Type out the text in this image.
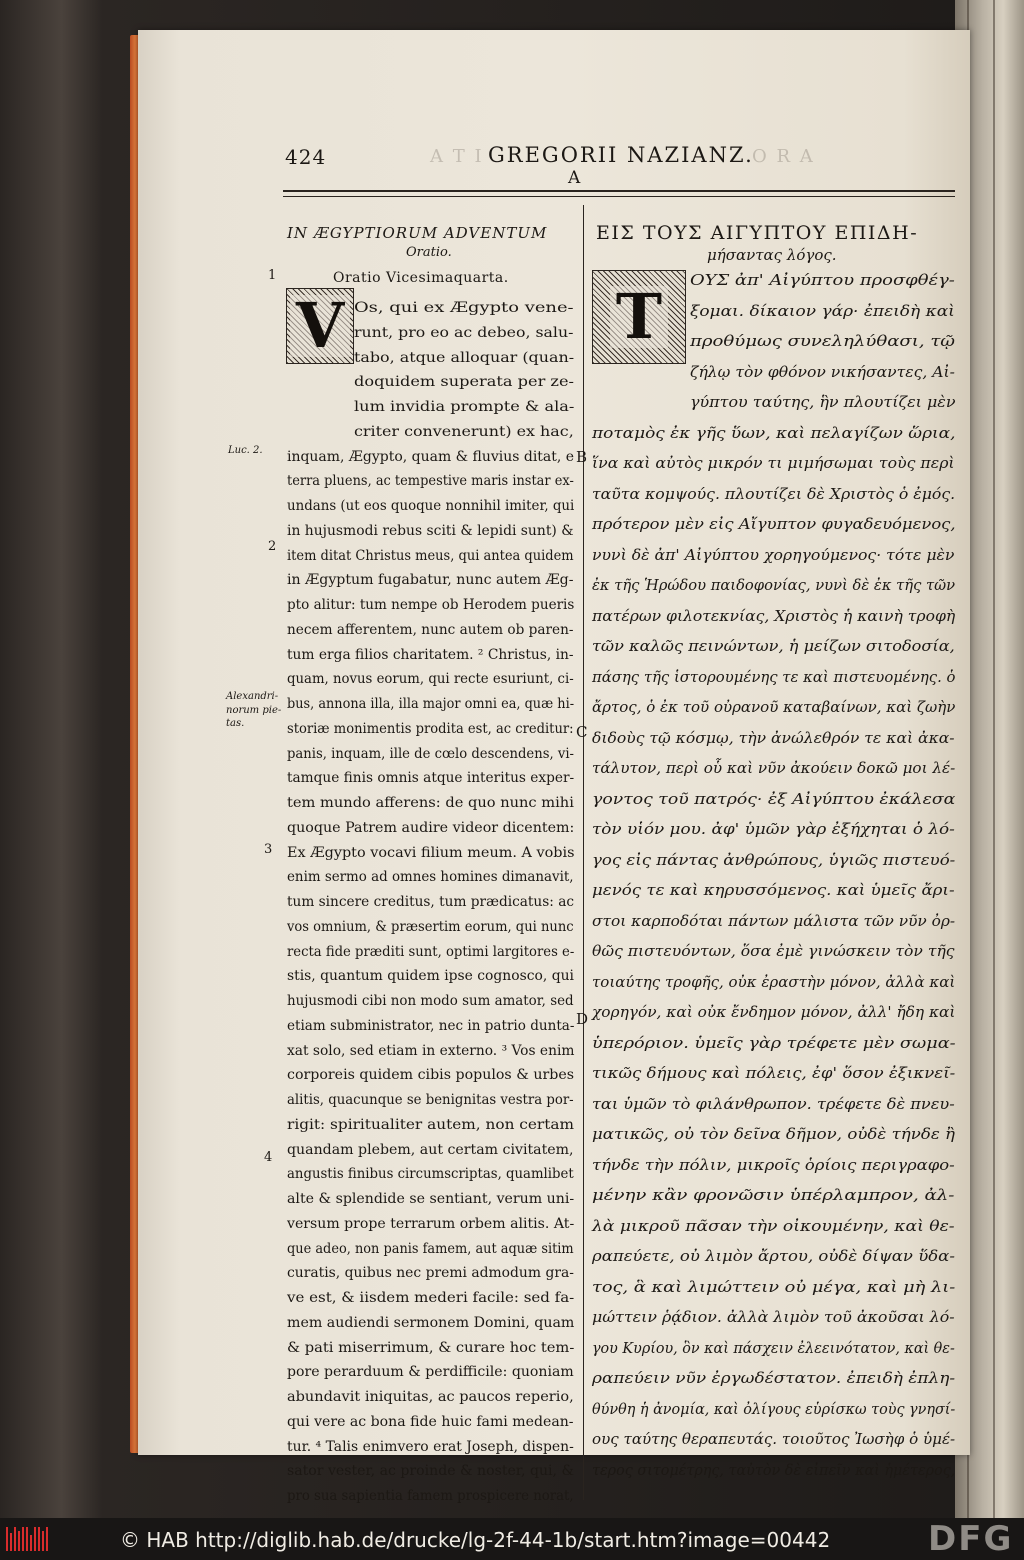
A T I	O R A
424	GREGORII NAZIANZ.
A
IN ÆGYPTIORUM ADVENTUM
Oratio.
Oratio Vicesimaquarta.
ΕΙΣ ΤΟΥΣ ΑΙΓΥΠΤΟΥ ΕΠΙΔΗ-
μήσαντας λόγος.
V	Τ
Os, qui ex Ægypto vene-
runt, pro eo ac debeo, salu-
tabo, atque alloquar (quan-
doquidem superata per ze-
lum invidia prompte & ala-
criter convenerunt) ex hac,
inquam, Ægypto, quam & fluvius ditat, e
terra pluens, ac tempestive maris instar ex-
undans (ut eos quoque nonnihil imiter, qui
in hujusmodi rebus sciti & lepidi sunt) &
item ditat Christus meus, qui antea quidem
in Ægyptum fugabatur, nunc autem Æg-
pto alitur: tum nempe ob Herodem pueris
necem afferentem, nunc autem ob paren-
tum erga filios charitatem. ² Christus, in-
quam, novus eorum, qui recte esuriunt, ci-
bus, annona illa, illa major omni ea, quæ hi-
storiæ monimentis prodita est, ac creditur:
panis, inquam, ille de cœlo descendens, vi-
tamque finis omnis atque interitus exper-
tem mundo afferens: de quo nunc mihi
quoque Patrem audire videor dicentem:
Ex Ægypto vocavi filium meum. A vobis
enim sermo ad omnes homines dimanavit,
tum sincere creditus, tum prædicatus: ac
vos omnium, & præsertim eorum, qui nunc
recta fide præditi sunt, optimi largitores e-
stis, quantum quidem ipse cognosco, qui
hujusmodi cibi non modo sum amator, sed
etiam subministrator, nec in patrio dunta-
xat solo, sed etiam in externo. ³ Vos enim
corporeis quidem cibis populos & urbes
alitis, quacunque se benignitas vestra por-
rigit: spiritualiter autem, non certam
quandam plebem, aut certam civitatem,
angustis finibus circumscriptas, quamlibet
alte & splendide se sentiant, verum uni-
versum prope terrarum orbem alitis. At-
que adeo, non panis famem, aut aquæ sitim
curatis, quibus nec premi admodum gra-
ve est, & iisdem mederi facile: sed fa-
mem audiendi sermonem Domini, quam
& pati miserrimum, & curare hoc tem-
pore perarduum & perdifficile: quoniam
abundavit iniquitas, ac paucos reperio,
qui vere ac bona fide huic fami medean-
tur. ⁴ Talis enimvero erat Joseph, dispen-
sator vester, ac proinde & noster, qui, &
pro sua sapientia famem prospicere norat,
ΟΥΣ ἀπ' Αἰγύπτου προσφθέγ-
ξομαι. δίκαιον γάρ· ἐπειδὴ καὶ
προθύμως συνεληλύθασι, τῷ
ζήλῳ τὸν φθόνον νικήσαντες, Αἰ-
γύπτου ταύτης, ἣν πλουτίζει μὲν
ποταμὸς ἐκ γῆς ὕων, καὶ πελαγίζων ὥρια,
ἵνα καὶ αὐτὸς μικρόν τι μιμήσωμαι τοὺς περὶ
ταῦτα κομψούς. πλουτίζει δὲ Χριστὸς ὁ ἐμός.
πρότερον μὲν εἰς Αἴγυπτον φυγαδευόμενος,
νυνὶ δὲ ἀπ' Αἰγύπτου χορηγούμενος· τότε μὲν
ἐκ τῆς Ἡρώδου παιδοφονίας, νυνὶ δὲ ἐκ τῆς τῶν
πατέρων φιλοτεκνίας, Χριστὸς ἡ καινὴ τροφὴ
τῶν καλῶς πεινώντων, ἡ μείζων σιτοδοσία,
πάσης τῆς ἱστορουμένης τε καὶ πιστευομένης. ὁ
ἄρτος, ὁ ἐκ τοῦ οὐρανοῦ καταβαίνων, καὶ ζωὴν
διδοὺς τῷ κόσμῳ, τὴν ἀνώλεθρόν τε καὶ ἀκα-
τάλυτον, περὶ οὗ καὶ νῦν ἀκούειν δοκῶ μοι λέ-
γοντος τοῦ πατρός· ἐξ Αἰγύπτου ἐκάλεσα
τὸν υἱόν μου. ἀφ' ὑμῶν γὰρ ἐξήχηται ὁ λό-
γος εἰς πάντας ἀνθρώπους, ὑγιῶς πιστευό-
μενός τε καὶ κηρυσσόμενος. καὶ ὑμεῖς ἄρι-
στοι καρποδόται πάντων μάλιστα τῶν νῦν ὀρ-
θῶς πιστευόντων, ὅσα ἐμὲ γινώσκειν τὸν τῆς
τοιαύτης τροφῆς, οὐκ ἐραστὴν μόνον, ἀλλὰ καὶ
χορηγόν, καὶ οὐκ ἔνδημον μόνον, ἀλλ' ἤδη καὶ
ὑπερόριον. ὑμεῖς γὰρ τρέφετε μὲν σωμα-
τικῶς δήμους καὶ πόλεις, ἐφ' ὅσον ἐξικνεῖ-
ται ὑμῶν τὸ φιλάνθρωπον. τρέφετε δὲ πνευ-
ματικῶς, οὐ τὸν δεῖνα δῆμον, οὐδὲ τήνδε ἢ
τήνδε τὴν πόλιν, μικροῖς ὁρίοις περιγραφο-
μένην κἂν φρονῶσιν ὑπέρλαμπρον, ἀλ-
λὰ μικροῦ πᾶσαν τὴν οἰκουμένην, καὶ θε-
ραπεύετε, οὐ λιμὸν ἄρτου, οὐδὲ δίψαν ὕδα-
τος, ἃ καὶ λιμώττειν οὐ μέγα, καὶ μὴ λι-
μώττειν ῥᾴδιον. ἀλλὰ λιμὸν τοῦ ἀκοῦσαι λό-
γου Κυρίου, ὃν καὶ πάσχειν ἐλεεινότατον, καὶ θε-
ραπεύειν νῦν ἐργωδέστατον. ἐπειδὴ ἐπλη-
θύνθη ἡ ἀνομία, καὶ ὀλίγους εὑρίσκω τοὺς γνησί-
ους ταύτης θεραπευτάς. τοιοῦτος Ἰωσὴφ ὁ ὑμέ-
τερος σιτομέτρης, ταὐτὸν δὲ εἰπεῖν καὶ ἡμέτερος,
1
2
3
4
Luc. 2.
Alexandri-norum pie-tas.
B
C
D
© HAB http://diglib.hab.de/drucke/lg-2f-44-1b/start.htm?image=00442	DFG
